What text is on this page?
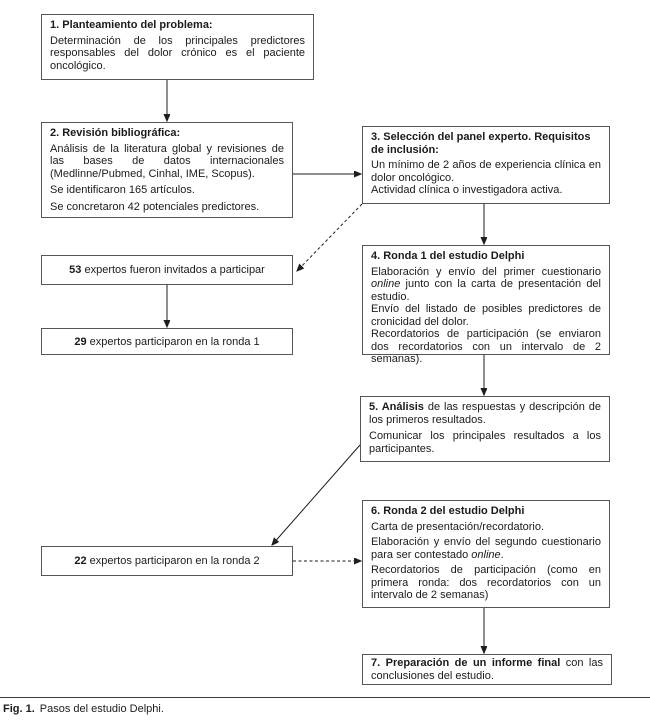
1. Planteamiento del problema:

Determinación de los principales predictores responsables del dolor crónico es el paciente oncológico.

2. Revisión bibliográfica:

Análisis de la literatura global y revisiones de las bases de datos internacionales (Medlinne/Pubmed, Cinhal, IME, Scopus).

Se identificaron 165 artículos.

Se concretaron 42 potenciales predictores.

3. Selección del panel experto. Requisitos de inclusión:

Un mínimo de 2 años de experiencia clínica en dolor oncológico.

Actividad clínica o investigadora activa.

53 expertos fueron invitados a participar
29 expertos participaron en la ronda 1

4. Ronda 1 del estudio Delphi

Elaboración y envío del primer cuestionario online junto con la carta de presentación del estudio.

Envío del listado de posibles predictores de cronicidad del dolor.

Recordatorios de participación (se enviaron dos recordatorios con un intervalo de 2 semanas).

5. Análisis de las respuestas y descripción de los primeros resultados.

Comunicar los principales resultados a los participantes.

6. Ronda 2 del estudio Delphi

Carta de presentación/recordatorio.

Elaboración y envío del segundo cuestionario para ser contestado online.

Recordatorios de participación (como en primera ronda: dos recordatorios con un intervalo de 2 semanas)

22 expertos participaron en la ronda 2

7. Preparación de un informe final con las conclusiones del estudio.

Fig. 1. Pasos del estudio Delphi.
